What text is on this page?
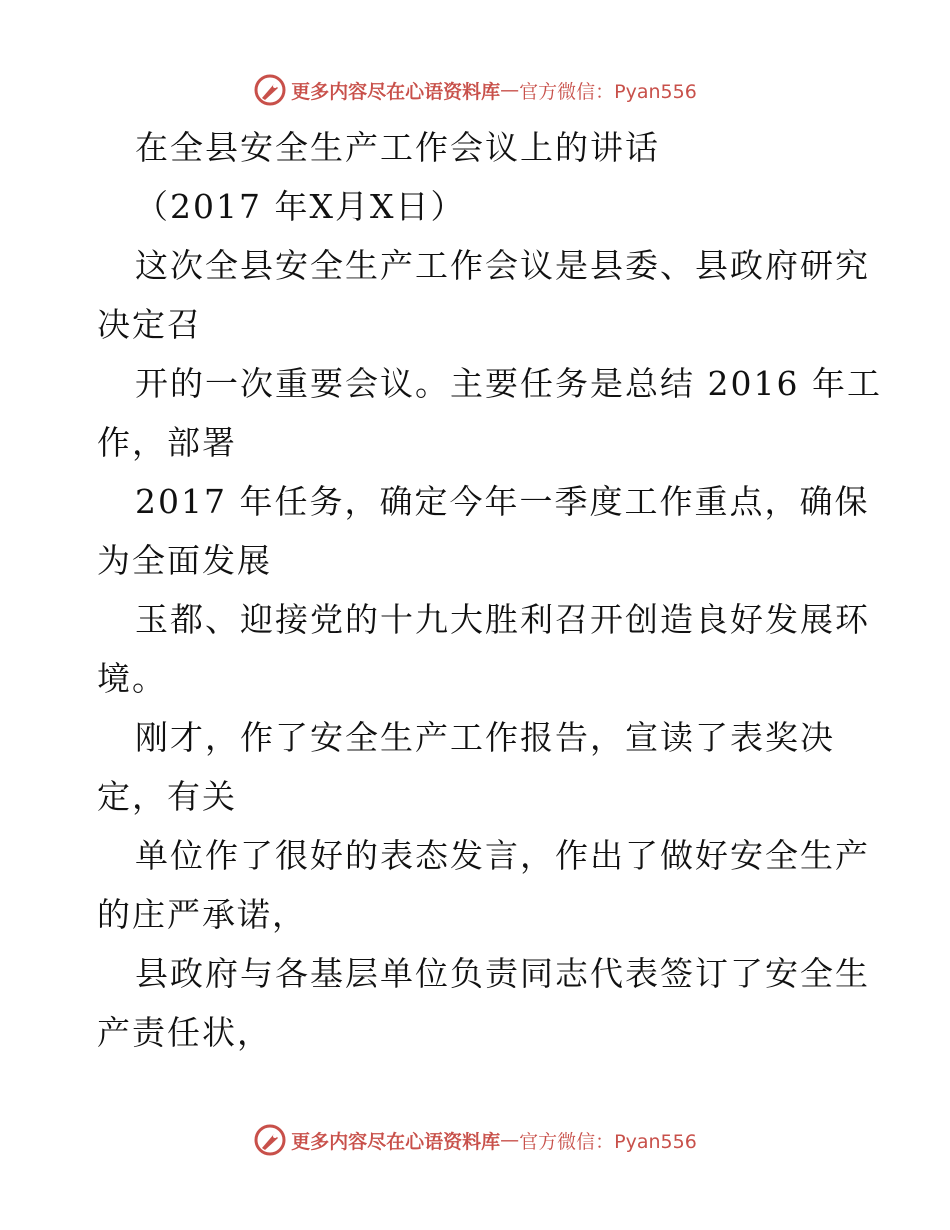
更多内容尽在心语资料库 — 官方微信：Pyan556
在全县安全生产工作会议上的讲话
（2017 年X月X日）
这次全县安全生产工作会议是县委、县政府研究
决定召
开的一次重要会议。主要任务是总结 2016 年工
作，部署
2017 年任务，确定今年一季度工作重点，确保
为全面发展
玉都、迎接党的十九大胜利召开创造良好发展环
境。
刚才，作了安全生产工作报告，宣读了表奖决
定，有关
单位作了很好的表态发言，作出了做好安全生产
的庄严承诺，
县政府与各基层单位负责同志代表签订了安全生
产责任状，
更多内容尽在心语资料库 — 官方微信：Pyan556
